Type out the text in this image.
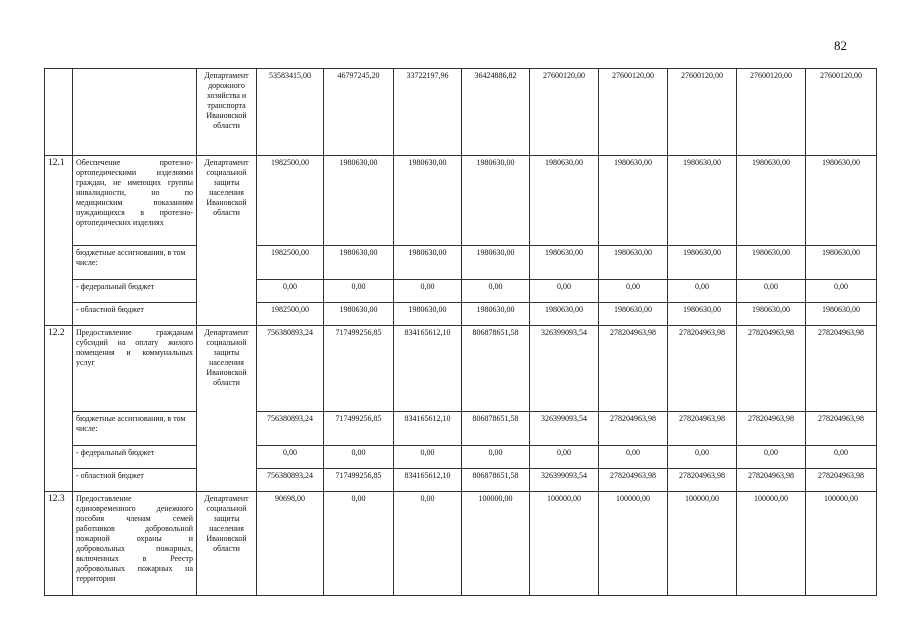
82
		Департамент дорожного хозяйства и транспорта Ивановской области	53583415,00	46797245,20	33722197,96	36424886,82	27600120,00	27600120,00	27600120,00	27600120,00	27600120,00
12.1	Обеспечение протезно-ортопедическими изделиями граждан, не имеющих группы инвалидности, но по медицинским показаниям нуждающихся в протезно-ортопедических изделиях	Департамент социальной защиты населения Ивановской области	1982500,00	1980630,00	1980630,00	1980630,00	1980630,00	1980630,00	1980630,00	1980630,00	1980630,00
	бюджетные ассигнования, в том числе:		1982500,00	1980630,00	1980630,00	1980630,00	1980630,00	1980630,00	1980630,00	1980630,00	1980630,00
	- федеральный бюджет		0,00	0,00	0,00	0,00	0,00	0,00	0,00	0,00	0,00
	- областной бюджет		1982500,00	1980630,00	1980630,00	1980630,00	1980630,00	1980630,00	1980630,00	1980630,00	1980630,00
12.2	Предоставление гражданам субсидий на оплату жилого помещения и коммунальных услуг	Департамент социальной защиты населения Ивановской области	756380893,24	717499256,85	834165612,10	806878651,58	326399093,54	278204963,98	278204963,98	278204963,98	278204963,98
	бюджетные ассигнования, в том числе:		756380893,24	717499256,85	834165612,10	806878651,58	326399093,54	278204963,98	278204963,98	278204963,98	278204963,98
	- федеральный бюджет		0,00	0,00	0,00	0,00	0,00	0,00	0,00	0,00	0,00
	- областной бюджет		756380893,24	717499256,85	834165612,10	806878651,58	326399093,54	278204963,98	278204963,98	278204963,98	278204963,98
12.3	Предоставление единовременного денежного пособия членам семей работников добровольной пожарной охраны и добровольных пожарных, включенных в Реестр добровольных пожарных на территории	Департамент социальной защиты населения Ивановской области	90698,00	0,00	0,00	100000,00	100000,00	100000,00	100000,00	100000,00	100000,00
